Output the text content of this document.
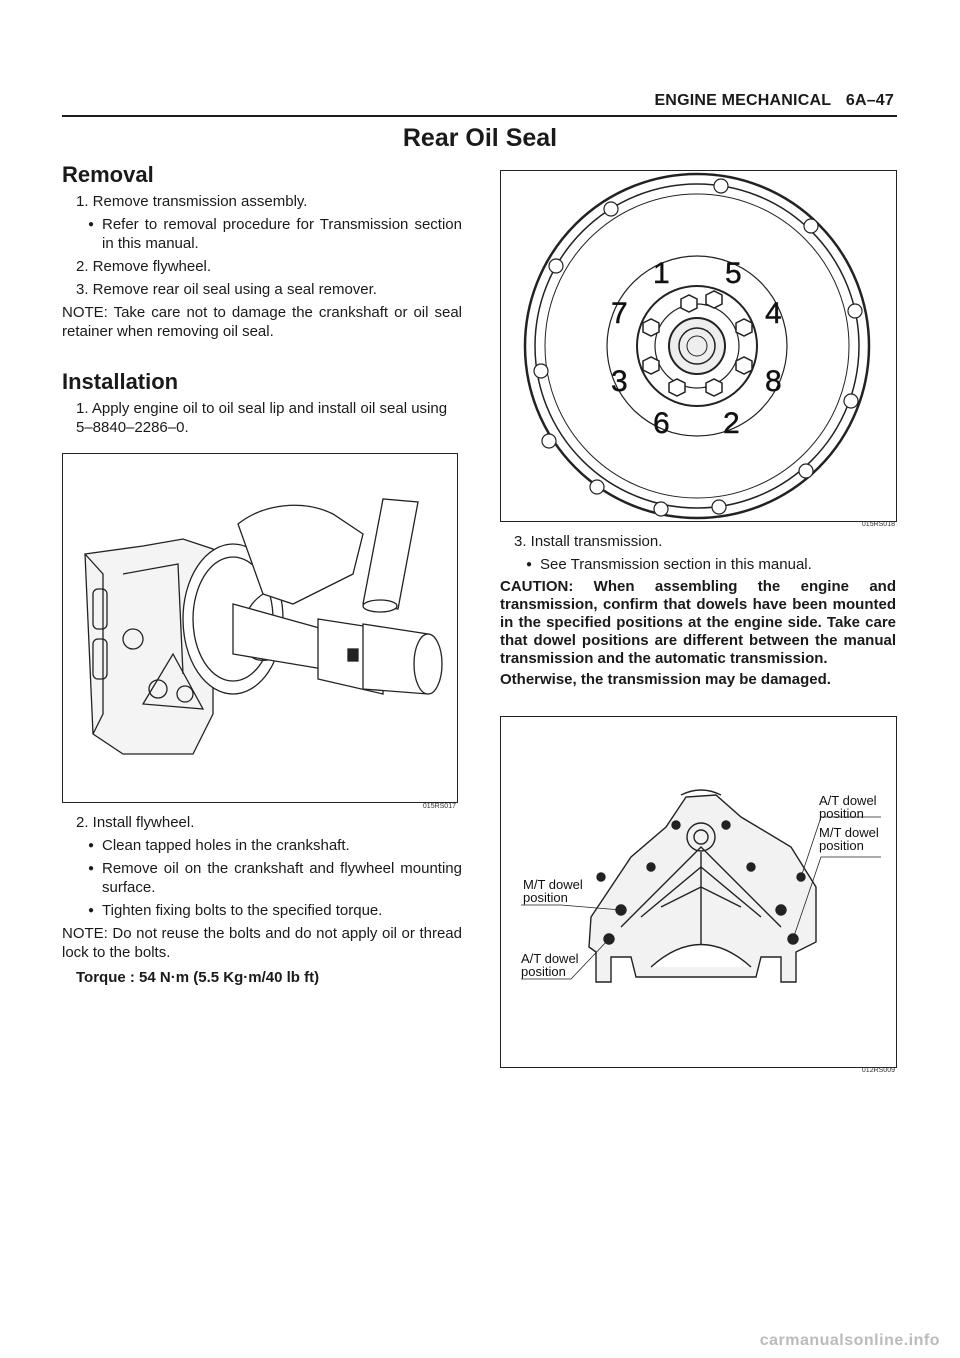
ENGINE MECHANICAL 6A–47
Rear Oil Seal
Removal
1. Remove transmission assembly.
● Refer to removal procedure for Transmission section in this manual.
2. Remove flywheel.
3. Remove rear oil seal using a seal remover.
NOTE: Take care not to damage the crankshaft or oil seal retainer when removing oil seal.
Installation
1. Apply engine oil to oil seal lip and install oil seal using 5–8840–2286–0.
015RS017
2. Install flywheel.
● Clean tapped holes in the crankshaft.
● Remove oil on the crankshaft and flywheel mounting surface.
● Tighten fixing bolts to the specified torque.
NOTE: Do not reuse the bolts and do not apply oil or thread lock to the bolts.
Torque : 54 N·m (5.5 Kg·m/40 lb ft)
1 5
7	4
3	8
6 2
015RS018
3. Install transmission.
● See Transmission section in this manual.
CAUTION: When assembling the engine and transmission, confirm that dowels have been mounted in the specified positions at the engine side. Take care that dowel positions are different between the manual transmission and the automatic transmission.
Otherwise, the transmission may be damaged.
A/T dowel
position
M/T dowel
position
M/T dowel
position
A/T dowel
position
012RS009
carmanualsonline.info
